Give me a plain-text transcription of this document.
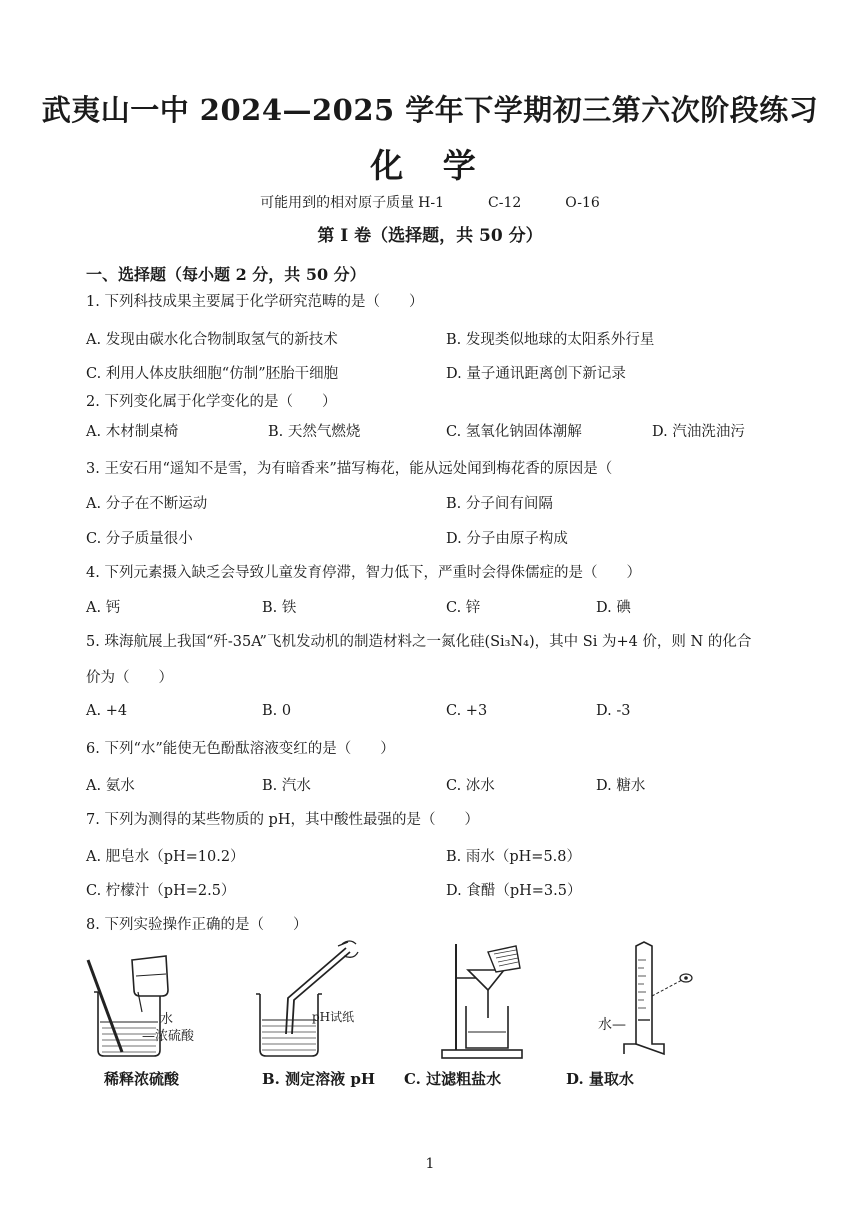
武夷山一中 2024—2025 学年下学期初三第六次阶段练习
化 学
可能用到的相对原子质量 H-1	C-12	O-16
第 I 卷（选择题，共 50 分）
一、选择题（每小题 2 分，共 50 分）
1. 下列科技成果主要属于化学研究范畴的是（　　）
A. 发现由碳水化合物制取氢气的新技术	B. 发现类似地球的太阳系外行星
C. 利用人体皮肤细胞“仿制”胚胎干细胞	D. 量子通讯距离创下新记录
2. 下列变化属于化学变化的是（　　）
A. 木材制桌椅	B. 天然气燃烧	C. 氢氧化钠固体潮解	D. 汽油洗油污
3. 王安石用“遥知不是雪，为有暗香来”描写梅花，能从远处闻到梅花香的原因是（
A. 分子在不断运动	B. 分子间有间隔
C. 分子质量很小	D. 分子由原子构成
4. 下列元素摄入缺乏会导致儿童发育停滞，智力低下，严重时会得侏儒症的是（　　）
A. 钙	B. 铁	C. 锌	D. 碘
5. 珠海航展上我国“歼-35A”飞机发动机的制造材料之一氮化硅(Si₃N₄)，其中 Si 为+4 价，则 N 的化合
价为（　　）
A. +4	B. 0	C. +3	D. -3
6. 下列“水”能使无色酚酞溶液变红的是（　　）
A. 氨水	B. 汽水	C. 冰水	D. 糖水
7. 下列为测得的某些物质的 pH，其中酸性最强的是（　　）
A. 肥皂水（pH=10.2）	B. 雨水（pH=5.8）
C. 柠檬汁（pH=2.5）	D. 食醋（pH=3.5）
8. 下列实验操作正确的是（　　）
水
—浓硫酸
稀释浓硫酸
pH试纸
B. 测定溶液 pH C. 过滤粗盐水
水—
D. 量取水
1
